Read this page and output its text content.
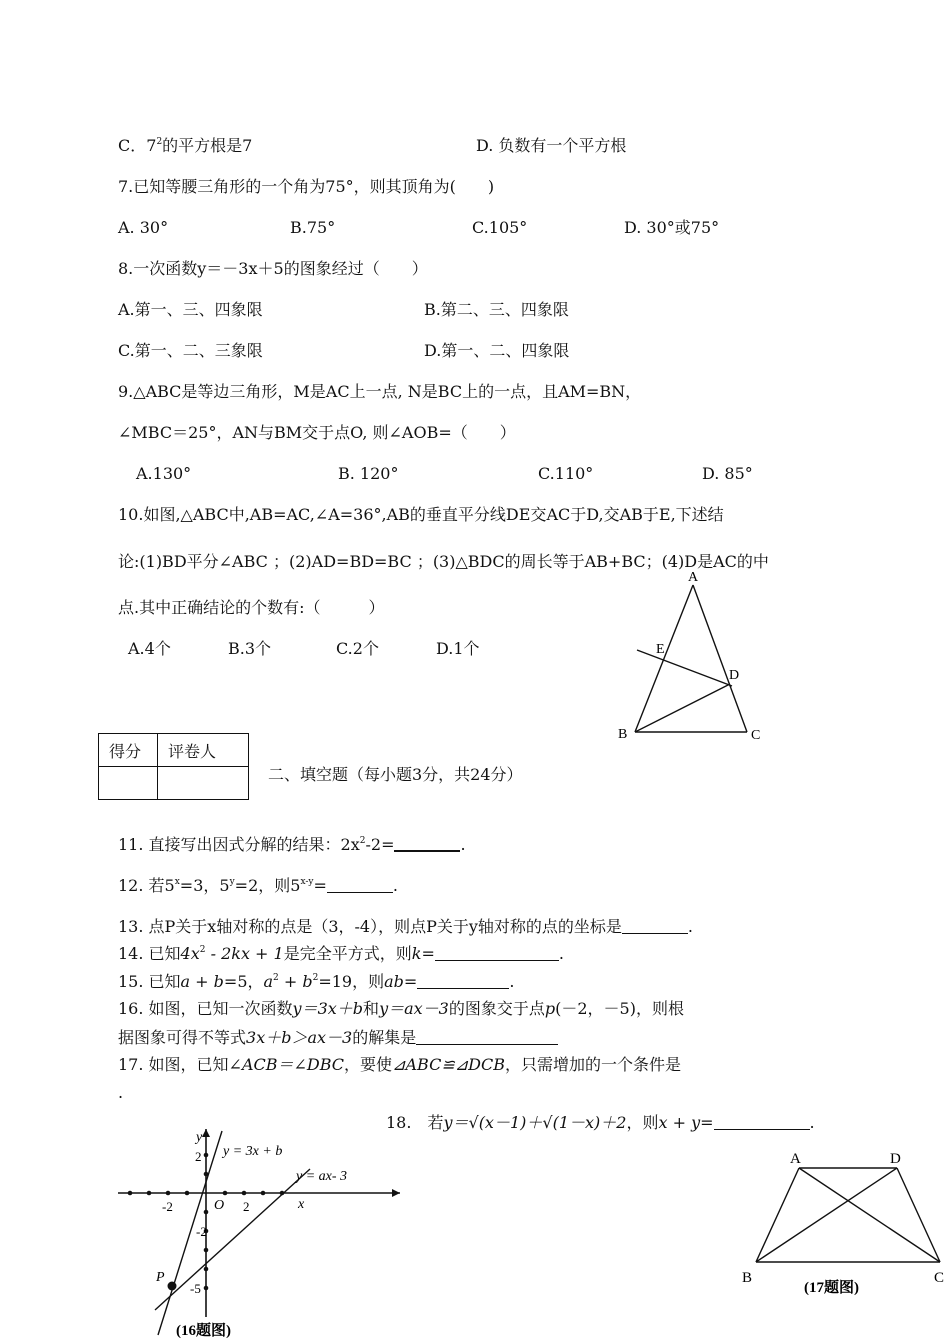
C．$7^2$的平方根是7	D. 负数有一个平方根
7.已知等腰三角形的一个角为75°，则其顶角为(　　)
A. 30°	B.75°	C.105°	D. 30°或75°
8.一次函数y＝－3x＋5的图象经过（　　）
A.第一、三、四象限	B.第二、三、四象限
C.第一、二、三象限	D.第一、二、四象限
9.△ABC是等边三角形，M是AC上一点, N是BC上的一点，且AM=BN，
∠MBC＝25°，AN与BM交于点O, 则∠AOB=（　　）
A.130°	B. 120°	C.110°	D. 85°
10.如图,△ABC中,AB=AC,∠A=36°,AB的垂直平分线DE交AC于D,交AB于E,下述结
论:(1)BD平分∠ABC ；(2)AD=BD=BC ；(3)△BDC的周长等于AB+BC；(4)D是AC的中
点.其中正确结论的个数有:（　　　）
A.4个	B.3个	C.2个	D.1个
A
E
D
B	C
得分	评卷人

二、填空题（每小题3分，共24分）
11. 直接写出因式分解的结果：$2x^2-2=$	.
12. 若$5^x=3$，$5^y=2$，则$5^{x-y}=$	.
13. 点P关于x轴对称的点是（3，-4），则点P关于y轴对称的点的坐标是	.
14. 已知$4x^2 - 2kx + 1$是完全平方式，则k=	.
15. 已知a + b=5，$a^2 + b^2=19$，则ab=	.
16. 如图，已知一次函数y＝3x＋b和y＝ax－3的图象交于点p(－2，－5)，则根
据图象可得不等式3x＋b＞ax－3的解集是
17. 如图，已知∠ACB＝∠DBC，要使⊿ABC≌⊿DCB，只需增加的一个条件是
.
18.　若y＝√(x－1)＋√(1－x)＋2，则x + y=	.
y
x
O
P
y = 3x + b
y = ax- 3
2
-2	2
-2
-5
(16题图)
A	D
B	C
(17题图)
